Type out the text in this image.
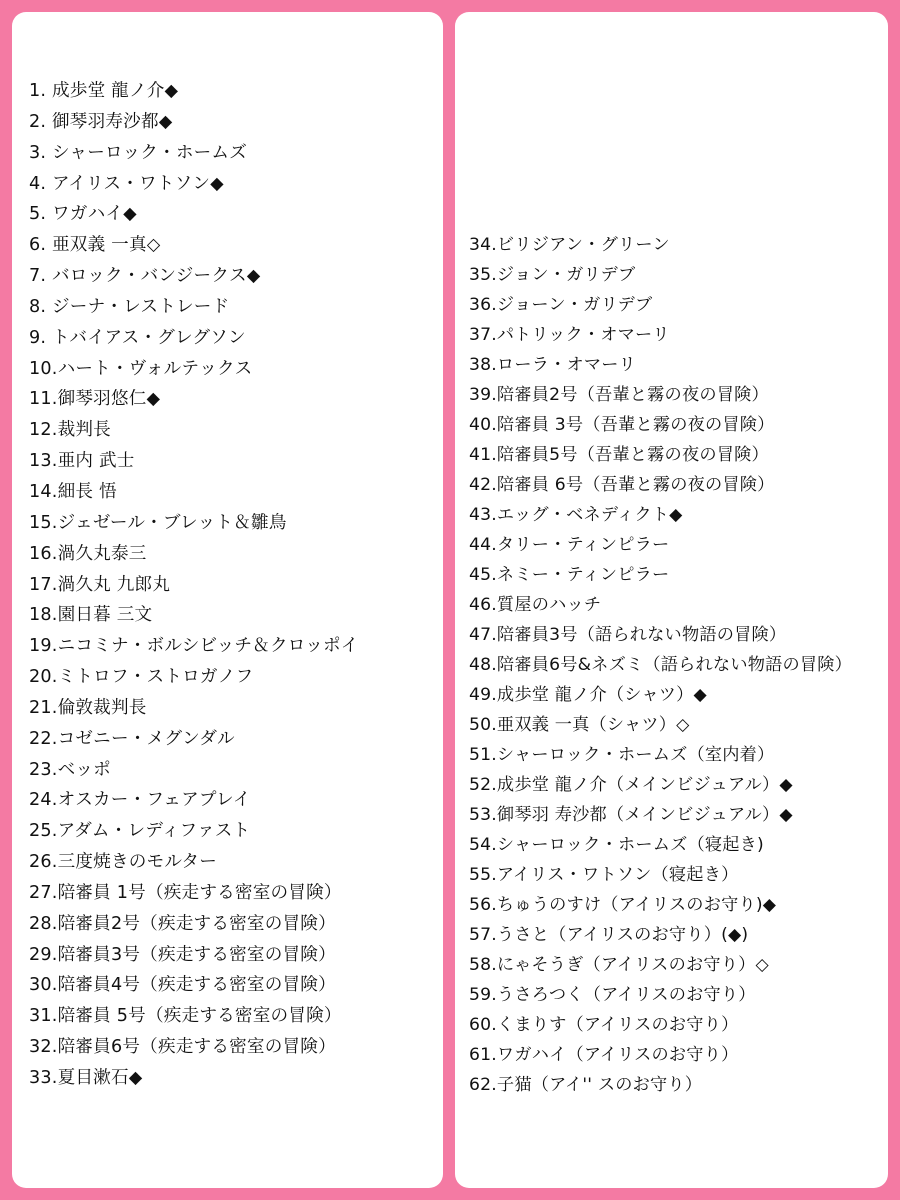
1. 成歩堂 龍ノ介◆
2. 御琴羽寿沙都◆
3. シャーロック・ホームズ
4. アイリス・ワトソン◆
5. ワガハイ◆
6. 亜双義 一真◇
7. バロック・バンジークス◆
8. ジーナ・レストレード
9. トバイアス・グレグソン
10.ハート・ヴォルテックス
11.御琴羽悠仁◆
12.裁判長
13.亜内 武士
14.細長 悟
15.ジェゼール・ブレット＆雛鳥
16.渦久丸泰三
17.渦久丸 九郎丸
18.園日暮 三文
19.ニコミナ・ボルシビッチ＆クロッポイ
20.ミトロフ・ストロガノフ
21.倫敦裁判長
22.コゼニー・メグンダル
23.ベッポ
24.オスカー・フェアプレイ
25.アダム・レディファスト
26.三度焼きのモルター
27.陪審員 1号（疾走する密室の冒険）
28.陪審員2号（疾走する密室の冒険）
29.陪審員3号（疾走する密室の冒険）
30.陪審員4号（疾走する密室の冒険）
31.陪審員 5号（疾走する密室の冒険）
32.陪審員6号（疾走する密室の冒険）
33.夏目漱石◆
34.ビリジアン・グリーン
35.ジョン・ガリデブ
36.ジョーン・ガリデブ
37.パトリック・オマーリ
38.ローラ・オマーリ
39.陪審員2号（吾輩と霧の夜の冒険）
40.陪審員 3号（吾輩と霧の夜の冒険）
41.陪審員5号（吾輩と霧の夜の冒険）
42.陪審員 6号（吾輩と霧の夜の冒険）
43.エッグ・ベネディクト◆
44.タリー・ティンピラー
45.ネミー・ティンピラー
46.質屋のハッチ
47.陪審員3号（語られない物語の冒険）
48.陪審員6号&ネズミ（語られない物語の冒険）
49.成歩堂 龍ノ介（シャツ）◆
50.亜双義 一真（シャツ）◇
51.シャーロック・ホームズ（室内着）
52.成歩堂 龍ノ介（メインビジュアル）◆
53.御琴羽 寿沙都（メインビジュアル）◆
54.シャーロック・ホームズ（寝起き)
55.アイリス・ワトソン（寝起き）
56.ちゅうのすけ（アイリスのお守り)◆
57.うさと（アイリスのお守り）(◆)
58.にゃそうぎ（アイリスのお守り）◇
59.うさろつく（アイリスのお守り）
60.くまりす（アイリスのお守り）
61.ワガハイ（アイリスのお守り）
62.子猫（アイ'' スのお守り）
